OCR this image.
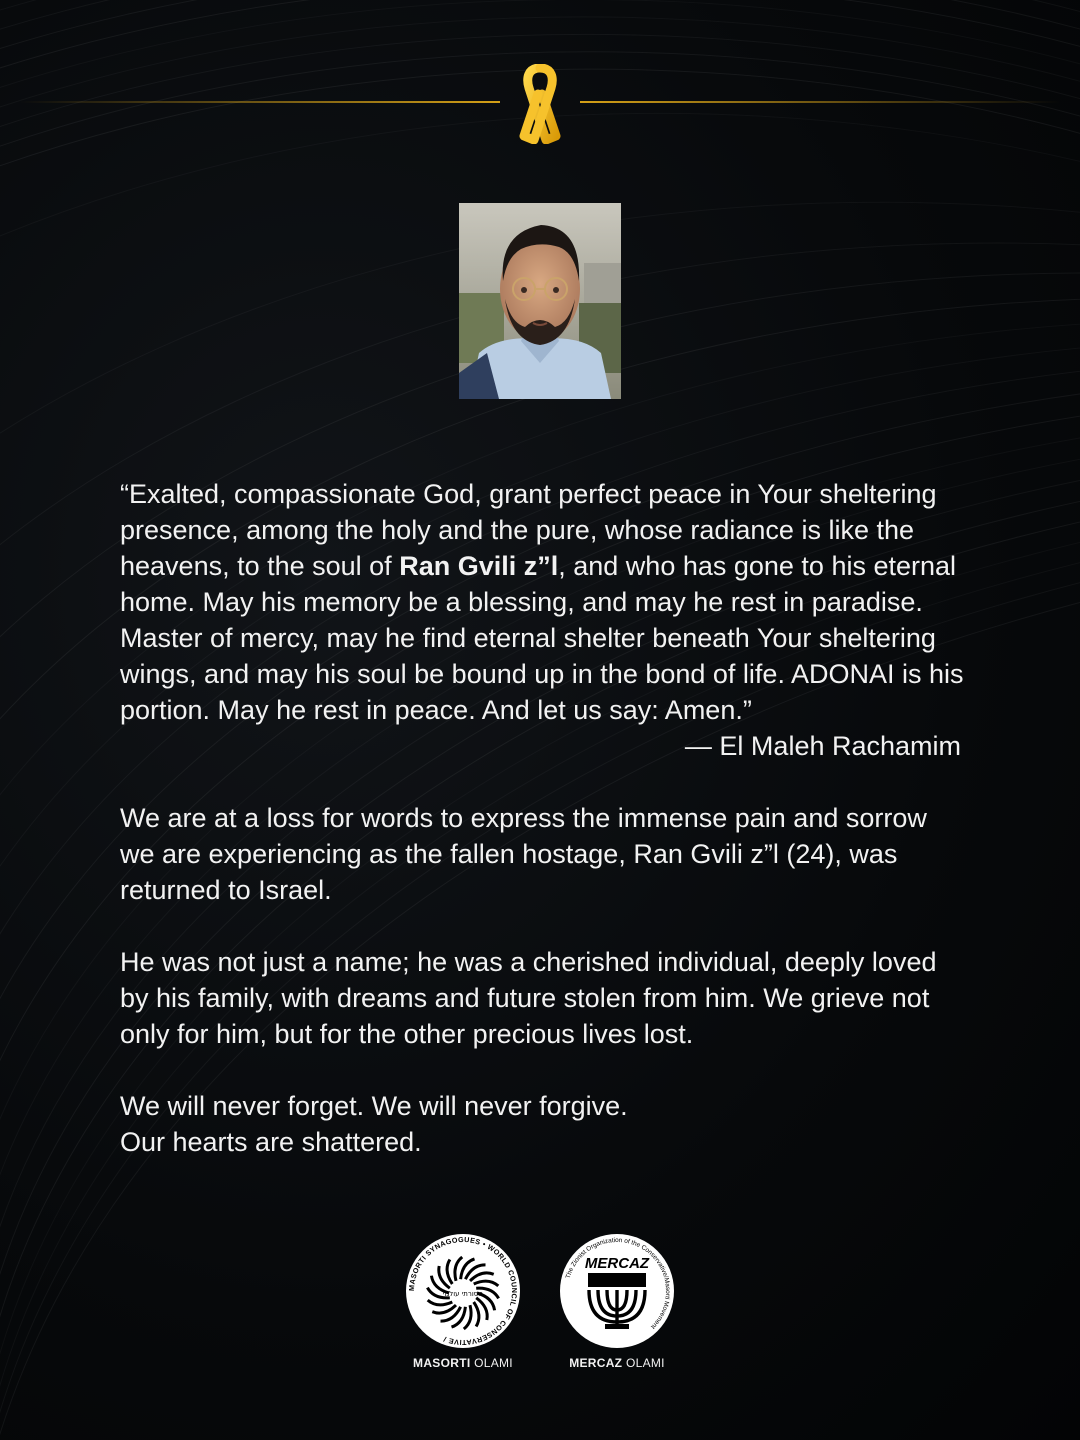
“Exalted, compassionate God, grant perfect peace in Your sheltering presence, among the holy and the pure, whose radiance is like the heavens, to the soul of Ran Gvili z”l, and who has gone to his eternal home. May his memory be a blessing, and may he rest in paradise. Master of mercy, may he find eternal shelter beneath Your sheltering wings, and may his soul be bound up in the bond of life. ADONAI is his portion. May he rest in peace. And let us say: Amen.”
— El Maleh Rachamim
We are at a loss for words to express the immense pain and sorrow we are experiencing as the fallen hostage, Ran Gvili z”l (24), was returned to Israel.
He was not just a name; he was a cherished individual, deeply loved by his family, with dreams and future stolen from him. We grieve not only for him, but for the other precious lives lost.
We will never forget. We will never forgive.
Our hearts are shattered.
MASORTI SYNAGOGUES • WORLD COUNCIL OF CONSERVATIVE /
מסורתי עולמי
MASORTI OLAMI
The Zionist Organization of the Conservative/Masorti Movement
MERCAZ
MERCAZ OLAMI
